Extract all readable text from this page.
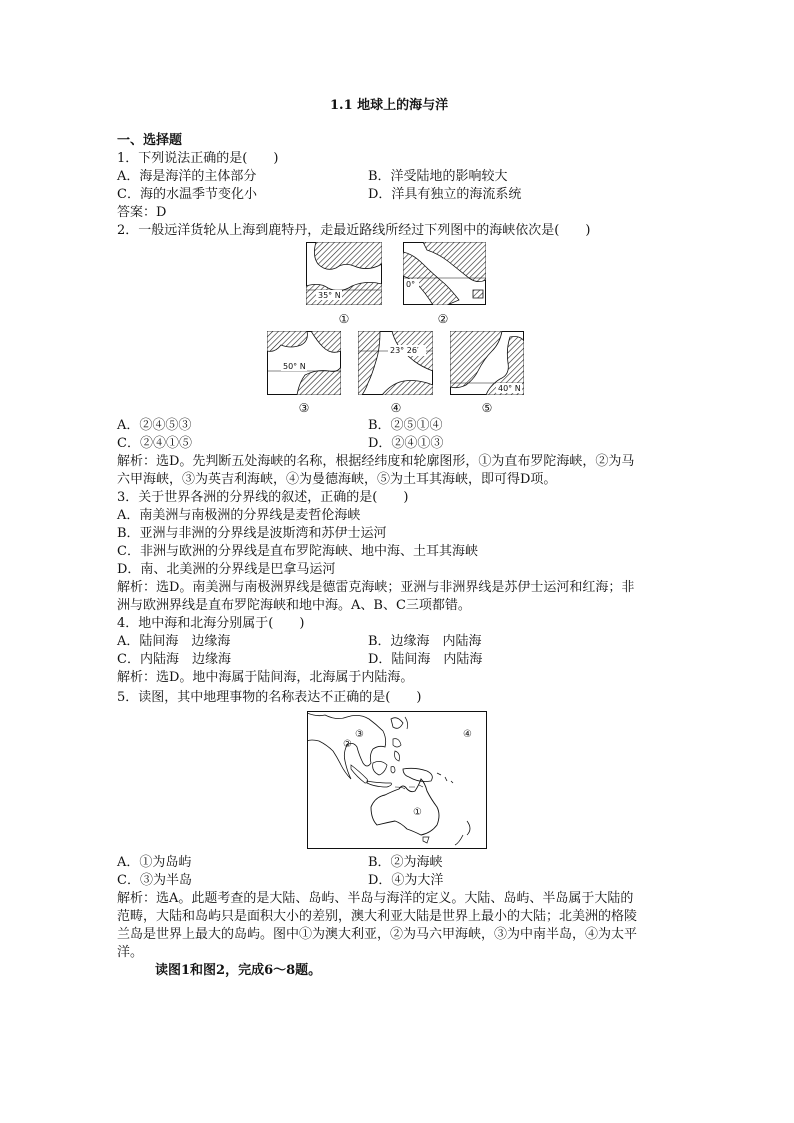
1.1 地球上的海与洋
一、选择题
1．下列说法正确的是(　　)
A．海是海洋的主体部分	B．洋受陆地的影响较大
C．海的水温季节变化小	D．洋具有独立的海流系统
答案：D
2．一般远洋货轮从上海到鹿特丹，走最近路线所经过下列图中的海峡依次是(　　)
35° N
①
0°
②
50° N
③
23° 26′
④
40° N
⑤
A．②④⑤③	B．②⑤①④
C．②④①⑤	D．②④①③
解析：选D。先判断五处海峡的名称，根据经纬度和轮廓图形，①为直布罗陀海峡，②为马
六甲海峡，③为英吉利海峡，④为曼德海峡，⑤为土耳其海峡，即可得D项。
3．关于世界各洲的分界线的叙述，正确的是(　　)
A．南美洲与南极洲的分界线是麦哲伦海峡
B．亚洲与非洲的分界线是波斯湾和苏伊士运河
C．非洲与欧洲的分界线是直布罗陀海峡、地中海、土耳其海峡
D．南、北美洲的分界线是巴拿马运河
解析：选D。南美洲与南极洲界线是德雷克海峡；亚洲与非洲界线是苏伊士运河和红海；非
洲与欧洲界线是直布罗陀海峡和地中海。A、B、C三项都错。
4．地中海和北海分别属于(　　)
A．陆间海　边缘海	B．边缘海　内陆海
C．内陆海　边缘海	D．陆间海　内陆海
解析：选D。地中海属于陆间海，北海属于内陆海。
5．读图，其中地理事物的名称表达不正确的是(　　)
②
③	④
①
A．①为岛屿	B．②为海峡
C．③为半岛	D．④为大洋
解析：选A。此题考查的是大陆、岛屿、半岛与海洋的定义。大陆、岛屿、半岛属于大陆的
范畴，大陆和岛屿只是面积大小的差别，澳大利亚大陆是世界上最小的大陆；北美洲的格陵
兰岛是世界上最大的岛屿。图中①为澳大利亚，②为马六甲海峡，③为中南半岛，④为太平
洋。
读图1和图2，完成6～8题。
